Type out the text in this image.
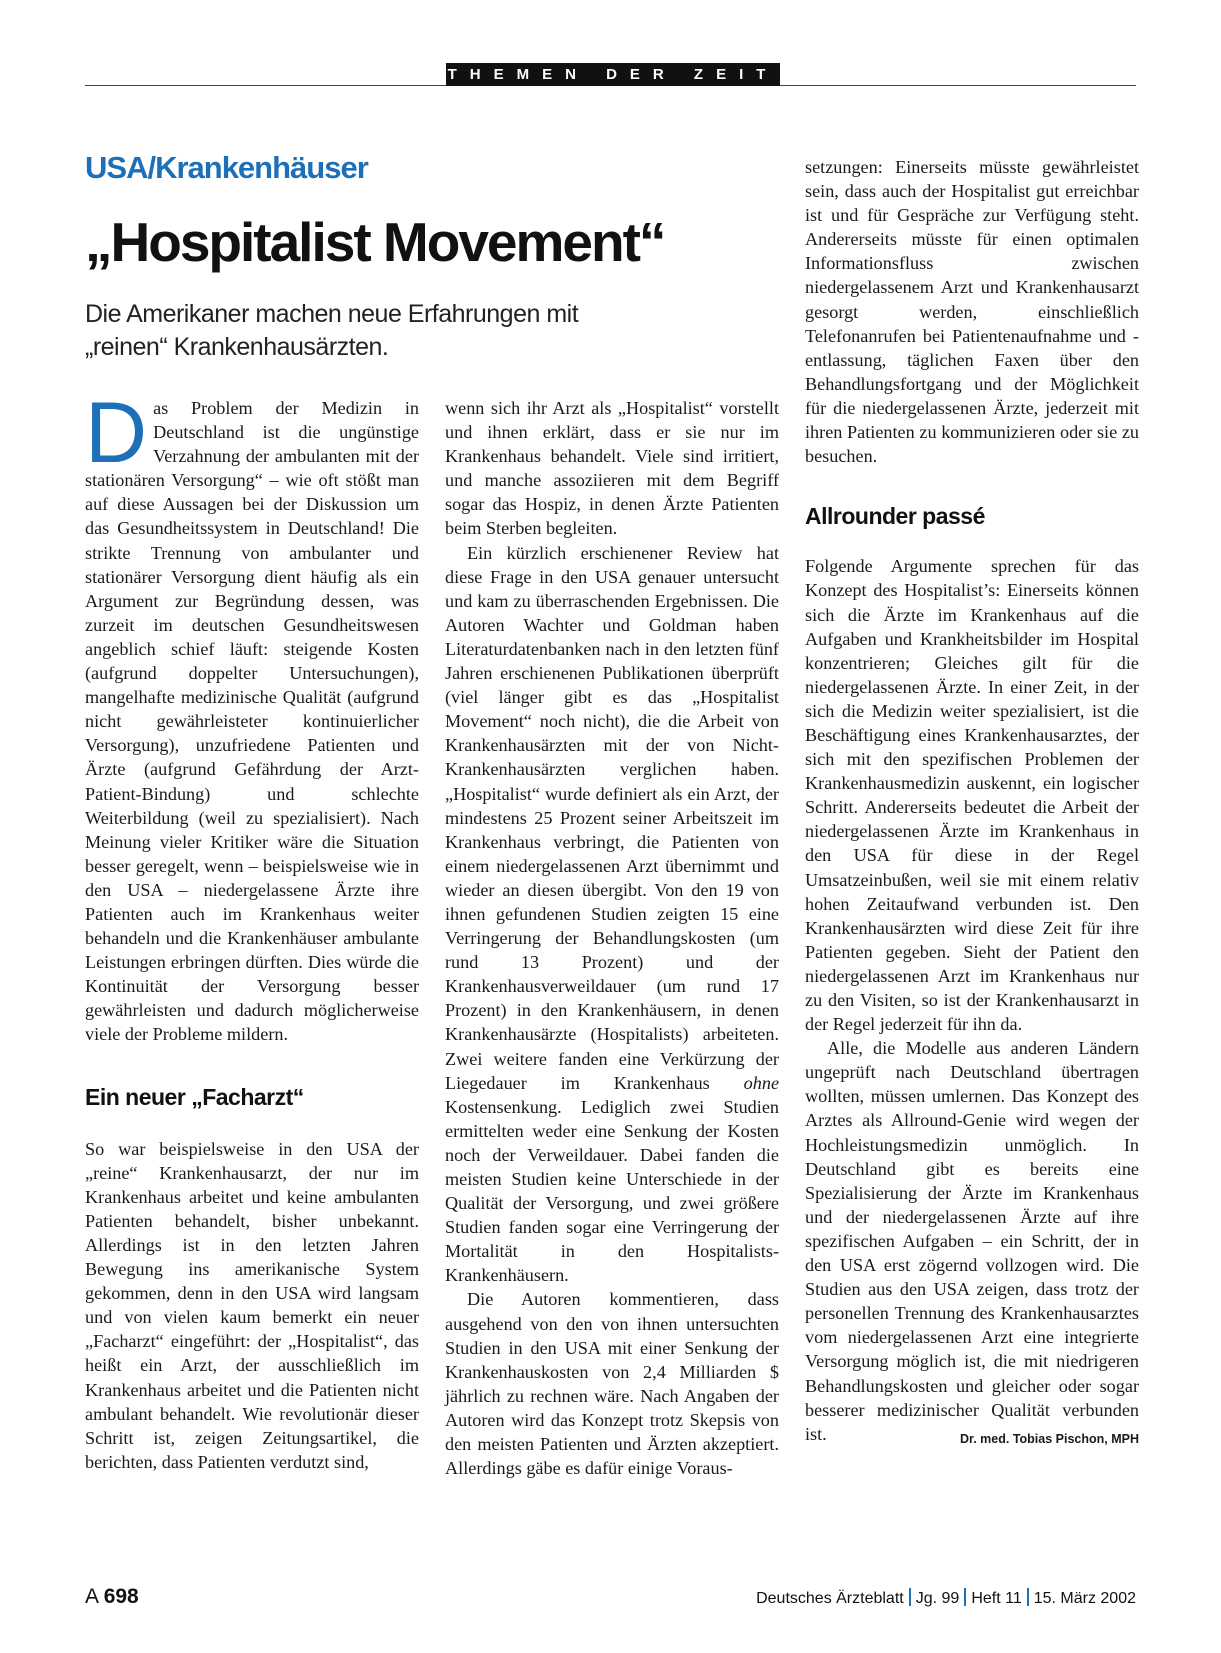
THEMEN DER ZEIT
USA/Krankenhäuser
„Hospitalist Movement“
Die Amerikaner machen neue Erfahrungen mit „reinen“ Krankenhausärzten.

Das Problem der Medizin in Deutschland ist die ungünstige Verzahnung der ambulanten mit der stationären Versorgung“ – wie oft stößt man auf diese Aussagen bei der Diskussion um das Gesundheitssystem in Deutschland! Die strikte Trennung von ambulanter und stationärer Versorgung dient häufig als ein Argument zur Begründung dessen, was zurzeit im deutschen Gesundheitswesen angeblich schief läuft: steigende Kosten (aufgrund doppelter Untersuchungen), mangelhafte medizinische Qualität (aufgrund nicht gewährleisteter kontinuierlicher Versorgung), unzufriedene Patienten und Ärzte (aufgrund Gefährdung der Arzt-Patient-Bindung) und schlechte Weiterbildung (weil zu spezialisiert). Nach Meinung vieler Kritiker wäre die Situation besser geregelt, wenn – beispielsweise wie in den USA – niedergelassene Ärzte ihre Patienten auch im Krankenhaus weiter behandeln und die Krankenhäuser ambulante Leistungen erbringen dürften. Dies würde die Kontinuität der Versorgung besser gewährleisten und dadurch möglicherweise viele der Probleme mildern.

Ein neuer „Facharzt“

So war beispielsweise in den USA der „reine“ Krankenhausarzt, der nur im Krankenhaus arbeitet und keine ambulanten Patienten behandelt, bisher unbekannt. Allerdings ist in den letzten Jahren Bewegung ins amerikanische System gekommen, denn in den USA wird langsam und von vielen kaum bemerkt ein neuer „Facharzt“ eingeführt: der „Hospitalist“, das heißt ein Arzt, der ausschließlich im Krankenhaus arbeitet und die Patienten nicht ambulant behandelt. Wie revolutionär dieser Schritt ist, zeigen Zeitungsartikel, die berichten, dass Patienten verdutzt sind,

wenn sich ihr Arzt als „Hospitalist“ vorstellt und ihnen erklärt, dass er sie nur im Krankenhaus behandelt. Viele sind irritiert, und manche assoziieren mit dem Begriff sogar das Hospiz, in denen Ärzte Patienten beim Sterben begleiten.

Ein kürzlich erschienener Review hat diese Frage in den USA genauer untersucht und kam zu überraschenden Ergebnissen. Die Autoren Wachter und Goldman haben Literaturdatenbanken nach in den letzten fünf Jahren erschienenen Publikationen überprüft (viel länger gibt es das „Hospitalist Movement“ noch nicht), die die Arbeit von Krankenhausärzten mit der von Nicht-Krankenhausärzten verglichen haben. „Hospitalist“ wurde definiert als ein Arzt, der mindestens 25 Prozent seiner Arbeitszeit im Krankenhaus verbringt, die Patienten von einem niedergelassenen Arzt übernimmt und wieder an diesen übergibt. Von den 19 von ihnen gefundenen Studien zeigten 15 eine Verringerung der Behandlungskosten (um rund 13 Prozent) und der Krankenhausverweildauer (um rund 17 Prozent) in den Krankenhäusern, in denen Krankenhausärzte (Hospitalists) arbeiteten. Zwei weitere fanden eine Verkürzung der Liegedauer im Krankenhaus ohne Kostensenkung. Lediglich zwei Studien ermittelten weder eine Senkung der Kosten noch der Verweildauer. Dabei fanden die meisten Studien keine Unterschiede in der Qualität der Versorgung, und zwei größere Studien fanden sogar eine Verringerung der Mortalität in den Hospitalists-Krankenhäusern.

Die Autoren kommentieren, dass ausgehend von den von ihnen untersuchten Studien in den USA mit einer Senkung der Krankenhauskosten von 2,4 Milliarden $ jährlich zu rechnen wäre. Nach Angaben der Autoren wird das Konzept trotz Skepsis von den meisten Patienten und Ärzten akzeptiert. Allerdings gäbe es dafür einige Voraus-

setzungen: Einerseits müsste gewährleistet sein, dass auch der Hospitalist gut erreichbar ist und für Gespräche zur Verfügung steht. Andererseits müsste für einen optimalen Informationsfluss zwischen niedergelassenem Arzt und Krankenhausarzt gesorgt werden, einschließlich Telefonanrufen bei Patientenaufnahme und -entlassung, täglichen Faxen über den Behandlungsfortgang und der Möglichkeit für die niedergelassenen Ärzte, jederzeit mit ihren Patienten zu kommunizieren oder sie zu besuchen.

Allrounder passé

Folgende Argumente sprechen für das Konzept des Hospitalist’s: Einerseits können sich die Ärzte im Krankenhaus auf die Aufgaben und Krankheitsbilder im Hospital konzentrieren; Gleiches gilt für die niedergelassenen Ärzte. In einer Zeit, in der sich die Medizin weiter spezialisiert, ist die Beschäftigung eines Krankenhausarztes, der sich mit den spezifischen Problemen der Krankenhausmedizin auskennt, ein logischer Schritt. Andererseits bedeutet die Arbeit der niedergelassenen Ärzte im Krankenhaus in den USA für diese in der Regel Umsatzeinbußen, weil sie mit einem relativ hohen Zeitaufwand verbunden ist. Den Krankenhausärzten wird diese Zeit für ihre Patienten gegeben. Sieht der Patient den niedergelassenen Arzt im Krankenhaus nur zu den Visiten, so ist der Krankenhausarzt in der Regel jederzeit für ihn da.

Alle, die Modelle aus anderen Ländern ungeprüft nach Deutschland übertragen wollten, müssen umlernen. Das Konzept des Arztes als Allround-Genie wird wegen der Hochleistungsmedizin unmöglich. In Deutschland gibt es bereits eine Spezialisierung der Ärzte im Krankenhaus und der niedergelassenen Ärzte auf ihre spezifischen Aufgaben – ein Schritt, der in den USA erst zögernd vollzogen wird. Die Studien aus den USA zeigen, dass trotz der personellen Trennung des Krankenhausarztes vom niedergelassenen Arzt eine integrierte Versorgung möglich ist, die mit niedrigeren Behandlungskosten und gleicher oder sogar besserer medizinischer Qualität verbunden ist.	Dr. med. Tobias Pischon, MPH

A 698	Deutsches Ärzteblatt Jg. 99 Heft 11 15. März 2002
